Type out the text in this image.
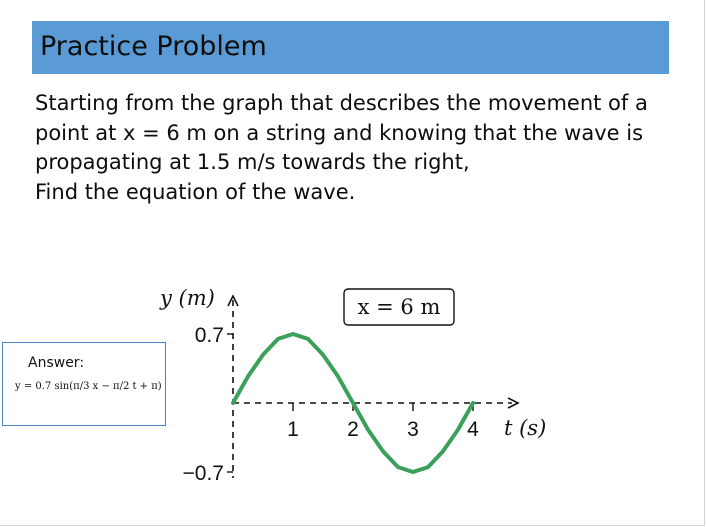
Practice Problem
Starting from the graph that describes the movement of a
point at x = 6 m on a string and knowing that the wave is
propagating at 1.5 m/s towards the right,
Find the equation of the wave.
Answer:
y = 0.7 sin(π/3 x − π/2 t + π)
1 2 3 4
0.7
−0.7
y (m)
t (s)
x = 6 m
